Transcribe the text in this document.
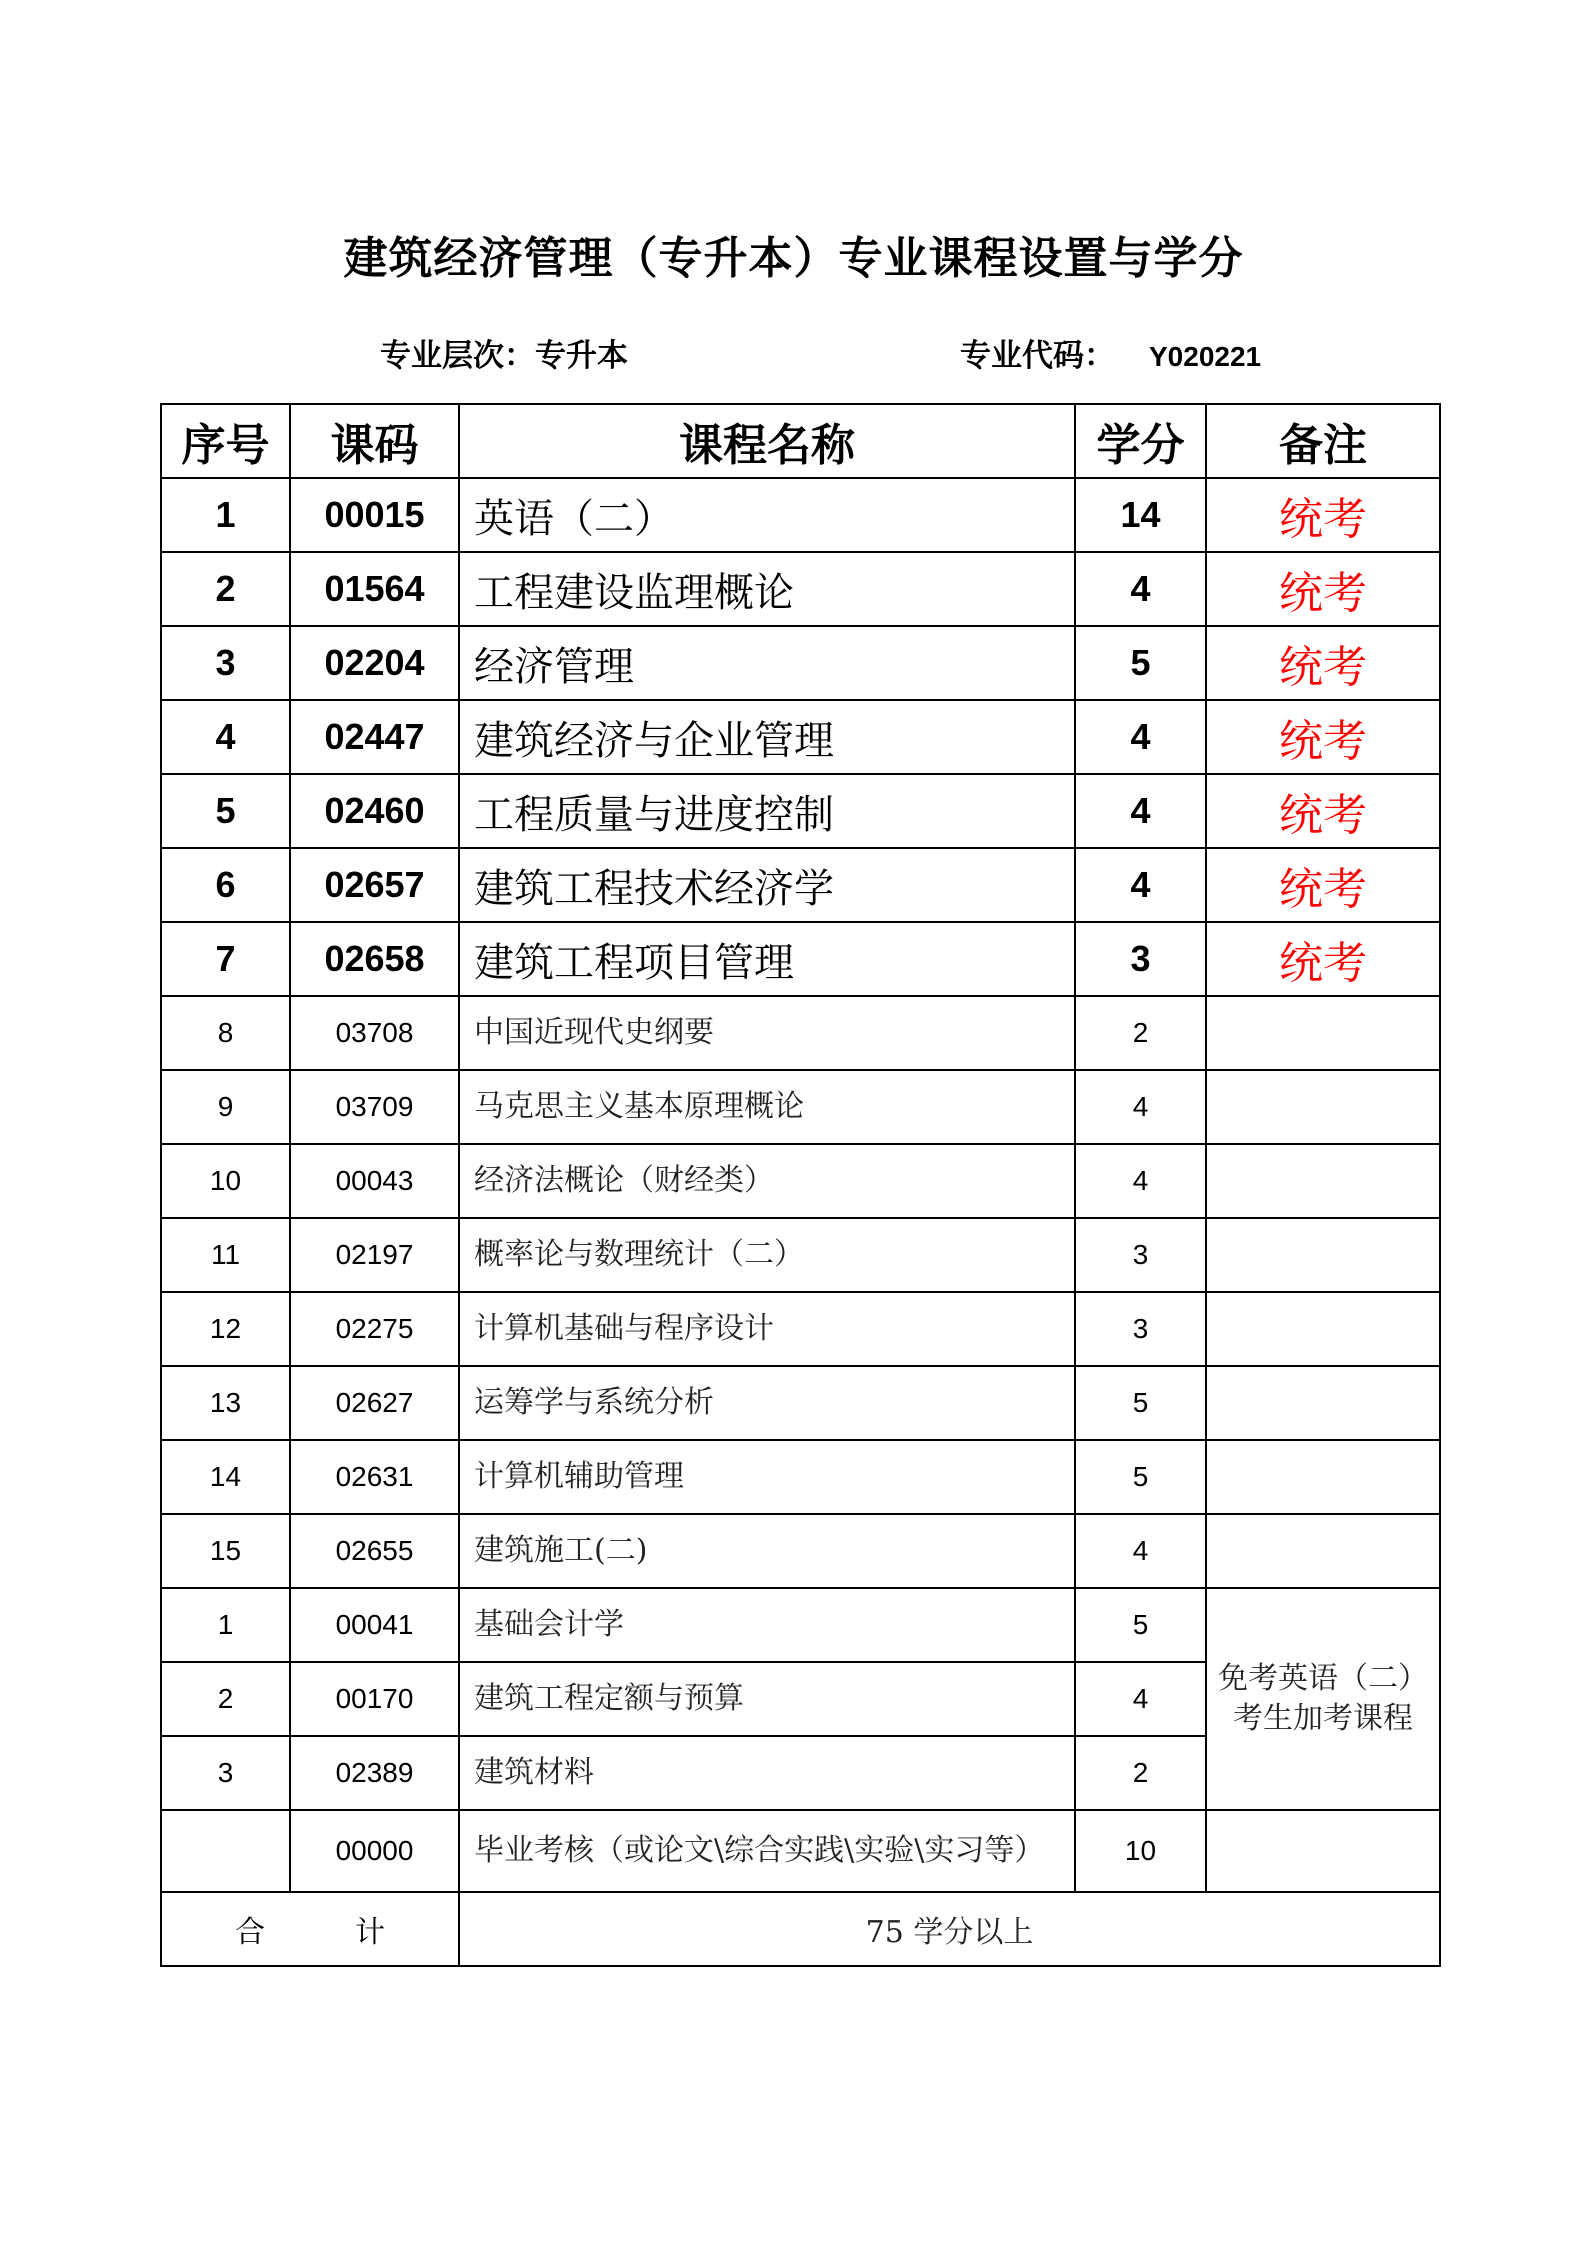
建筑经济管理（专升本）专业课程设置与学分
专业层次：专升本	专业代码： Y020221
序号	课码	课程名称	学分	备注
1	00015	英语（二）	14	统考
2	01564	工程建设监理概论	4	统考
3	02204	经济管理	5	统考
4	02447	建筑经济与企业管理	4	统考
5	02460	工程质量与进度控制	4	统考
6	02657	建筑工程技术经济学	4	统考
7	02658	建筑工程项目管理	3	统考
8	03708	中国近现代史纲要	2	
9	03709	马克思主义基本原理概论	4	
10	00043	经济法概论（财经类）	4	
11	02197	概率论与数理统计（二）	3	
12	02275	计算机基础与程序设计	3	
13	02627	运筹学与系统分析	5	
14	02631	计算机辅助管理	5	
15	02655	建筑施工(二)	4	
1	00041	基础会计学	5	免考英语（二）
考生加考课程
2	00170	建筑工程定额与预算	4	
3	02389	建筑材料	2	
	00000	毕业考核（或论文\综合实践\实验\实习等）	10	
合 计		75 学分以上		
